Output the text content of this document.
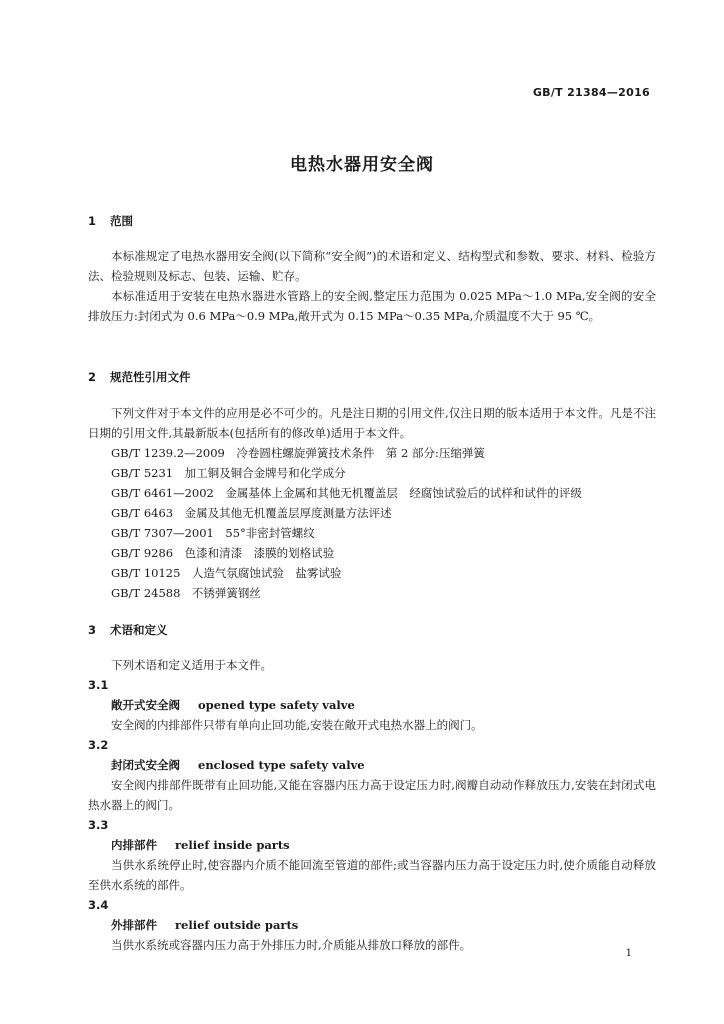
GB/T 21384—2016
电热水器用安全阀
1 范围
本标准规定了电热水器用安全阀(以下简称“安全阀”)的术语和定义、结构型式和参数、要求、材料、检验方法、检验规则及标志、包装、运输、贮存。
本标准适用于安装在电热水器进水管路上的安全阀,整定压力范围为 0.025 MPa～1.0 MPa,安全阀的安全排放压力:封闭式为 0.6 MPa～0.9 MPa,敞开式为 0.15 MPa～0.35 MPa,介质温度不大于 95 ℃。
2 规范性引用文件
下列文件对于本文件的应用是必不可少的。凡是注日期的引用文件,仅注日期的版本适用于本文件。凡是不注日期的引用文件,其最新版本(包括所有的修改单)适用于本文件。
GB/T 1239.2—2009　冷卷圆柱螺旋弹簧技术条件　第 2 部分:压缩弹簧
GB/T 5231　加工铜及铜合金牌号和化学成分
GB/T 6461—2002　金属基体上金属和其他无机覆盖层　经腐蚀试验后的试样和试件的评级
GB/T 6463　金属及其他无机覆盖层厚度测量方法评述
GB/T 7307—2001　55°非密封管螺纹
GB/T 9286　色漆和清漆　漆膜的划格试验
GB/T 10125　人造气氛腐蚀试验　盐雾试验
GB/T 24588　不锈弹簧钢丝
3 术语和定义
下列术语和定义适用于本文件。
3.1
敞开式安全阀 opened type safety valve
安全阀的内排部件只带有单向止回功能,安装在敞开式电热水器上的阀门。
3.2
封闭式安全阀 enclosed type safety valve
安全阀内排部件既带有止回功能,又能在容器内压力高于设定压力时,阀瓣自动动作释放压力,安装在封闭式电热水器上的阀门。
3.3
内排部件 relief inside parts
当供水系统停止时,使容器内介质不能回流至管道的部件;或当容器内压力高于设定压力时,使介质能自动释放至供水系统的部件。
3.4
外排部件 relief outside parts
当供水系统或容器内压力高于外排压力时,介质能从排放口释放的部件。
1
